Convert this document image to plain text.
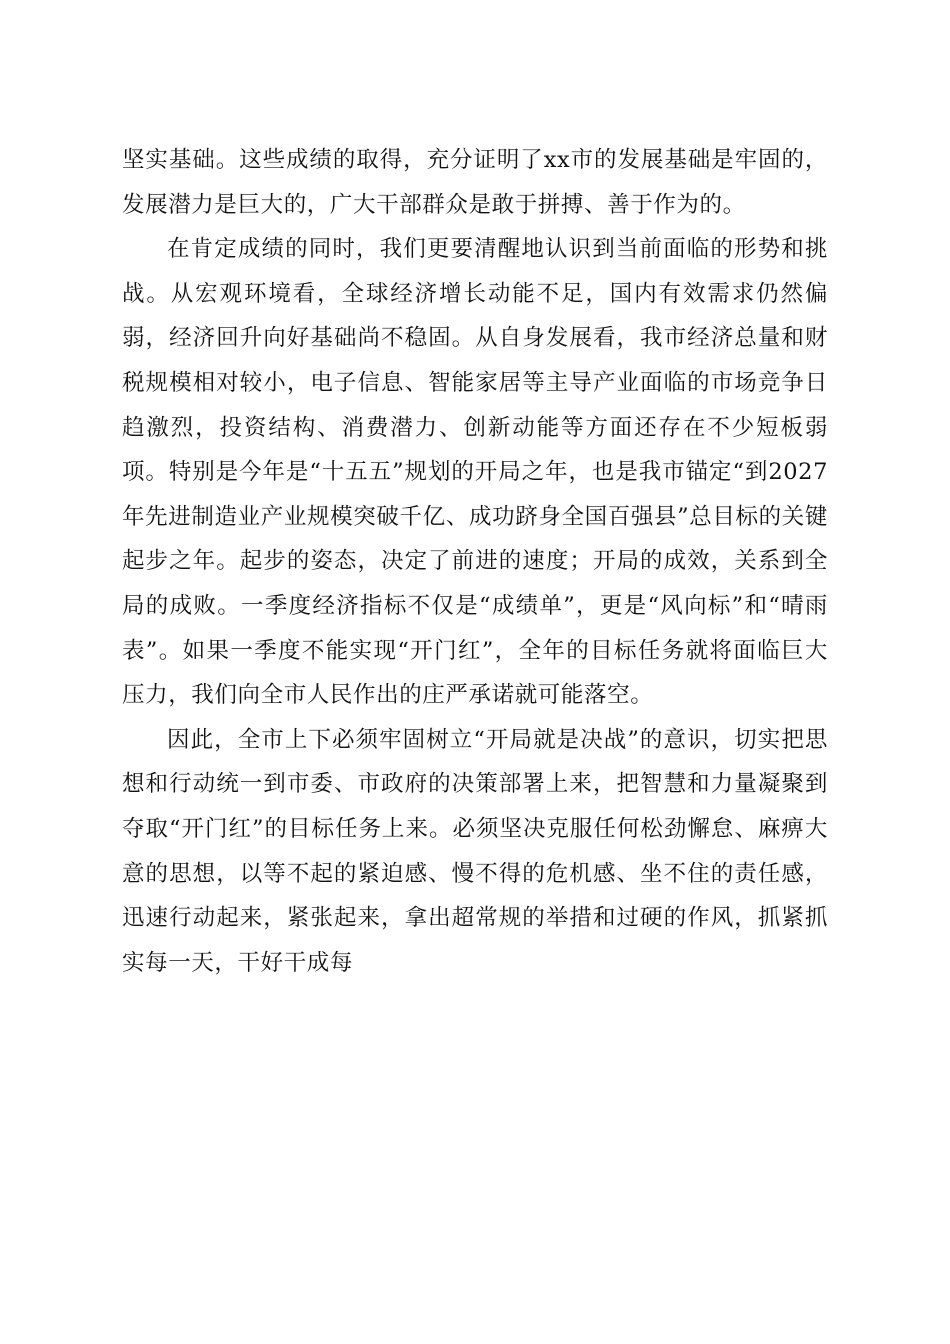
坚实基础。这些成绩的取得，充分证明了xx市的发展基础是牢固的，发展潜力是巨大的，广大干部群众是敢于拼搏、善于作为的。

在肯定成绩的同时，我们更要清醒地认识到当前面临的形势和挑战。从宏观环境看，全球经济增长动能不足，国内有效需求仍然偏弱，经济回升向好基础尚不稳固。从自身发展看，我市经济总量和财税规模相对较小，电子信息、智能家居等主导产业面临的市场竞争日趋激烈，投资结构、消费潜力、创新动能等方面还存在不少短板弱项。特别是今年是“十五五”规划的开局之年，也是我市锚定“到2027年先进制造业产业规模突破千亿、成功跻身全国百强县”总目标的关键起步之年。起步的姿态，决定了前进的速度；开局的成效，关系到全局的成败。一季度经济指标不仅是“成绩单”，更是“风向标”和“晴雨表”。如果一季度不能实现“开门红”，全年的目标任务就将面临巨大压力，我们向全市人民作出的庄严承诺就可能落空。

因此，全市上下必须牢固树立“开局就是决战”的意识，切实把思想和行动统一到市委、市政府的决策部署上来，把智慧和力量凝聚到夺取“开门红”的目标任务上来。必须坚决克服任何松劲懈怠、麻痹大意的思想，以等不起的紧迫感、慢不得的危机感、坐不住的责任感，迅速行动起来，紧张起来，拿出超常规的举措和过硬的作风，抓紧抓实每一天，干好干成每
